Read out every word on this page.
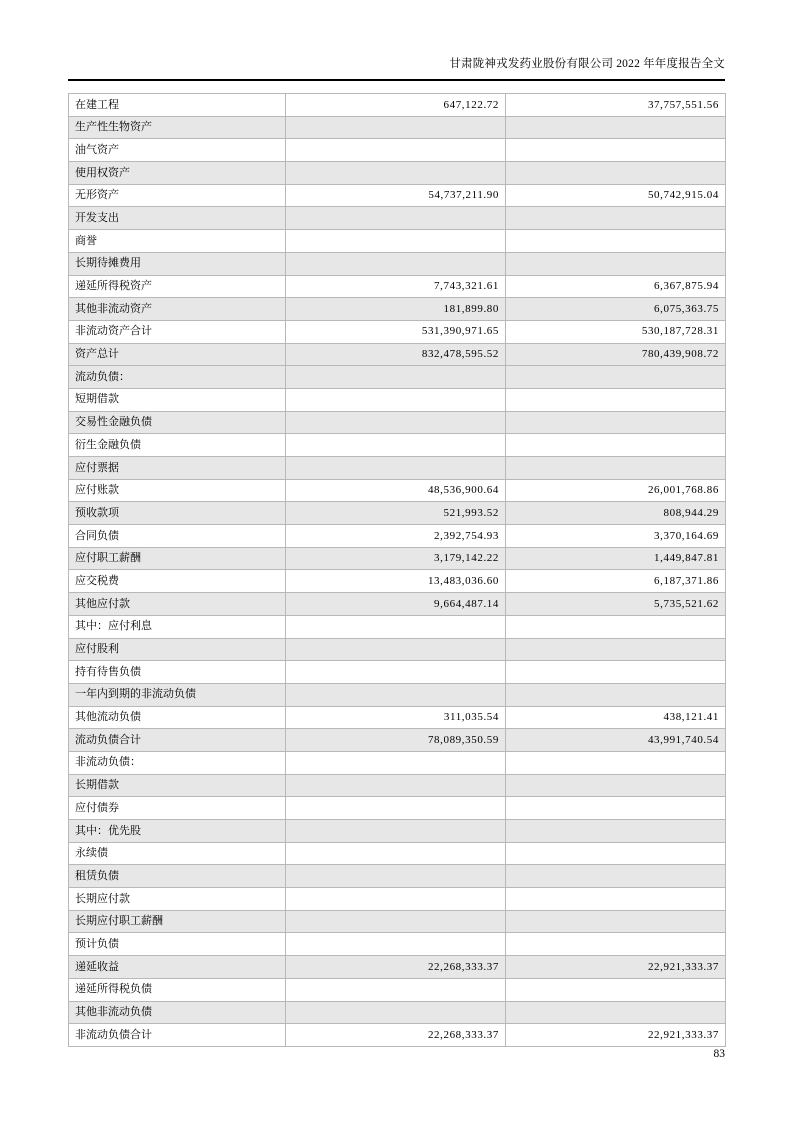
甘肃陇神戎发药业股份有限公司 2022 年年度报告全文
在建工程	647,122.72	37,757,551.56
生产性生物资产		
油气资产		
使用权资产		
无形资产	54,737,211.90	50,742,915.04
开发支出		
商誉		
长期待摊费用		
递延所得税资产	7,743,321.61	6,367,875.94
其他非流动资产	181,899.80	6,075,363.75
非流动资产合计	531,390,971.65	530,187,728.31
资产总计	832,478,595.52	780,439,908.72
流动负债：		
短期借款		
交易性金融负债		
衍生金融负债		
应付票据		
应付账款	48,536,900.64	26,001,768.86
预收款项	521,993.52	808,944.29
合同负债	2,392,754.93	3,370,164.69
应付职工薪酬	3,179,142.22	1,449,847.81
应交税费	13,483,036.60	6,187,371.86
其他应付款	9,664,487.14	5,735,521.62
其中：应付利息		
应付股利		
持有待售负债		
一年内到期的非流动负债		
其他流动负债	311,035.54	438,121.41
流动负债合计	78,089,350.59	43,991,740.54
非流动负债：		
长期借款		
应付债券		
其中：优先股		
永续债		
租赁负债		
长期应付款		
长期应付职工薪酬		
预计负债		
递延收益	22,268,333.37	22,921,333.37
递延所得税负债		
其他非流动负债		
非流动负债合计	22,268,333.37	22,921,333.37
83
